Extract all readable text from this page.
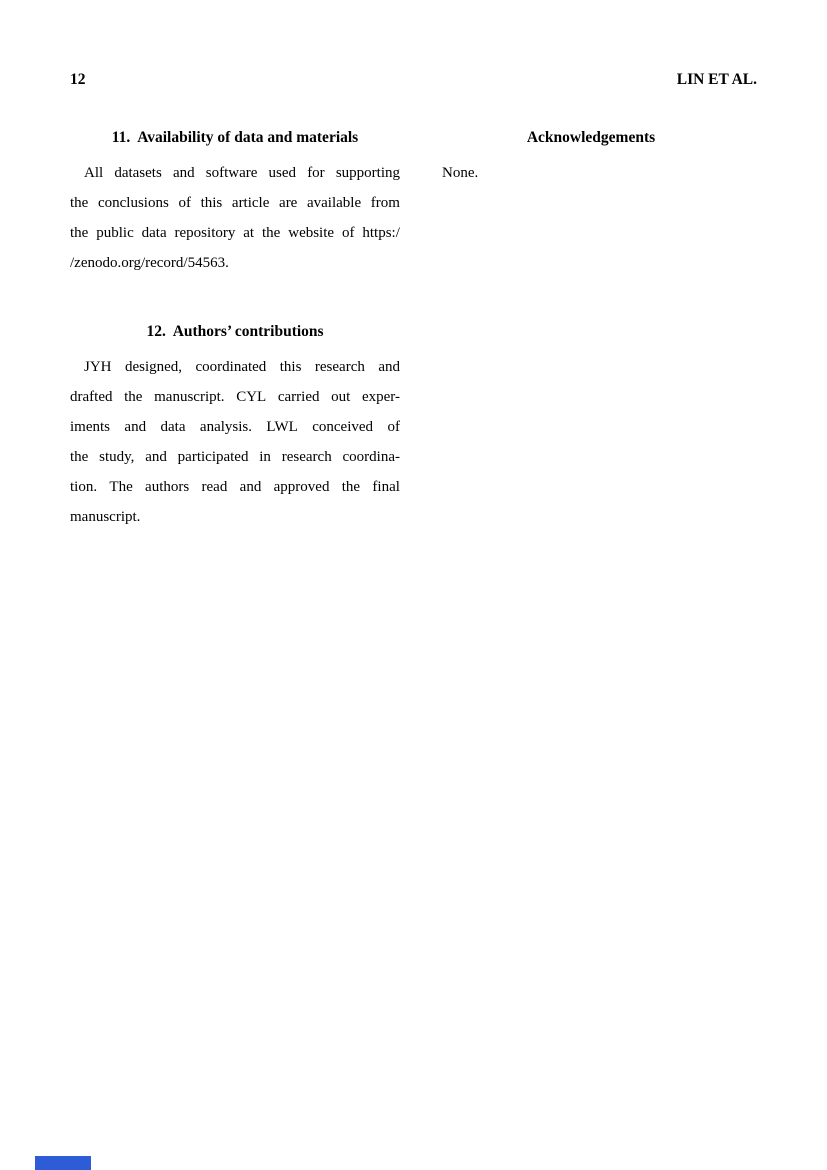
12	LIN ET AL.
11.  Availability of data and materials
All datasets and software used for supporting
the conclusions of this article are available from
the public data repository at the website of https:/
/zenodo.org/record/54563.
12.  Authors’ contributions
JYH designed, coordinated this research and
drafted the manuscript. CYL carried out exper-
iments and data analysis. LWL conceived of
the study, and participated in research coordina-
tion. The authors read and approved the final
manuscript.
Acknowledgements
None.
